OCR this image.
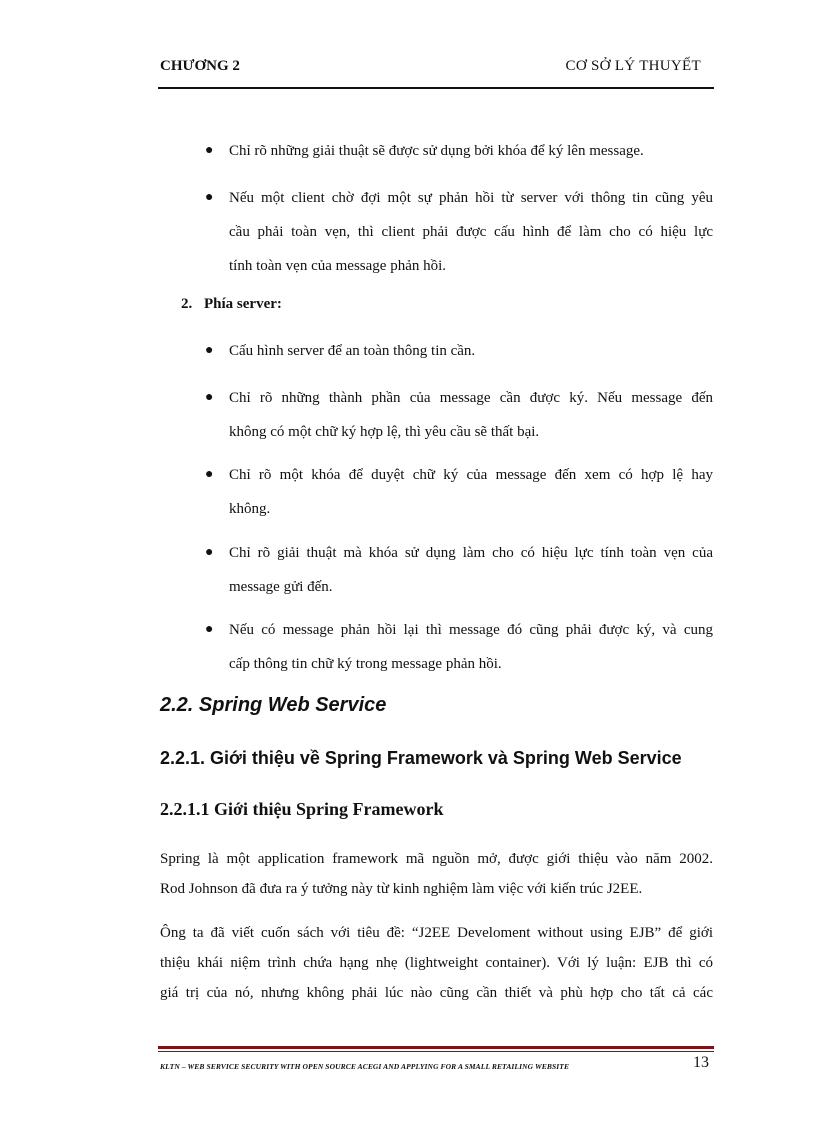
CHƯƠNG 2	CƠ SỞ LÝ THUYẾT
● Chỉ rõ những giải thuật sẽ được sử dụng bởi khóa để ký lên message.
● Nếu một client chờ đợi một sự phản hồi từ server với thông tin cũng yêu
cầu phải toàn vẹn, thì client phải được cấu hình để làm cho có hiệu lực
tính toàn vẹn của message phản hồi.
2. Phía server:
● Cấu hình server để an toàn thông tin cần.
● Chỉ rõ những thành phần của message cần được ký. Nếu message đến
không có một chữ ký hợp lệ, thì yêu cầu sẽ thất bại.
● Chỉ rõ một khóa để duyệt chữ ký của message đến xem có hợp lệ hay
không.
● Chỉ rõ giải thuật mà khóa sử dụng làm cho có hiệu lực tính toàn vẹn của
message gửi đến.
● Nếu có message phản hồi lại thì message đó cũng phải được ký, và cung
cấp thông tin chữ ký trong message phản hồi.
2.2. Spring Web Service
2.2.1. Giới thiệu về Spring Framework và Spring Web Service
2.2.1.1 Giới thiệu Spring Framework
Spring là một application framework mã nguồn mở, được giới thiệu vào năm 2002.
Rod Johnson đã đưa ra ý tưởng này từ kinh nghiệm làm việc với kiến trúc J2EE.
Ông ta đã viết cuốn sách với tiêu đề: “J2EE Develoment without using EJB” để giới
thiệu khái niệm trình chứa hạng nhẹ (lightweight container). Với lý luận: EJB thì có
giá trị của nó, nhưng không phải lúc nào cũng cần thiết và phù hợp cho tất cả các
KLTN – WEB SERVICE SECURITY WITH OPEN SOURCE ACEGI AND APPLYING FOR A SMALL RETAILING WEBSITE	13
